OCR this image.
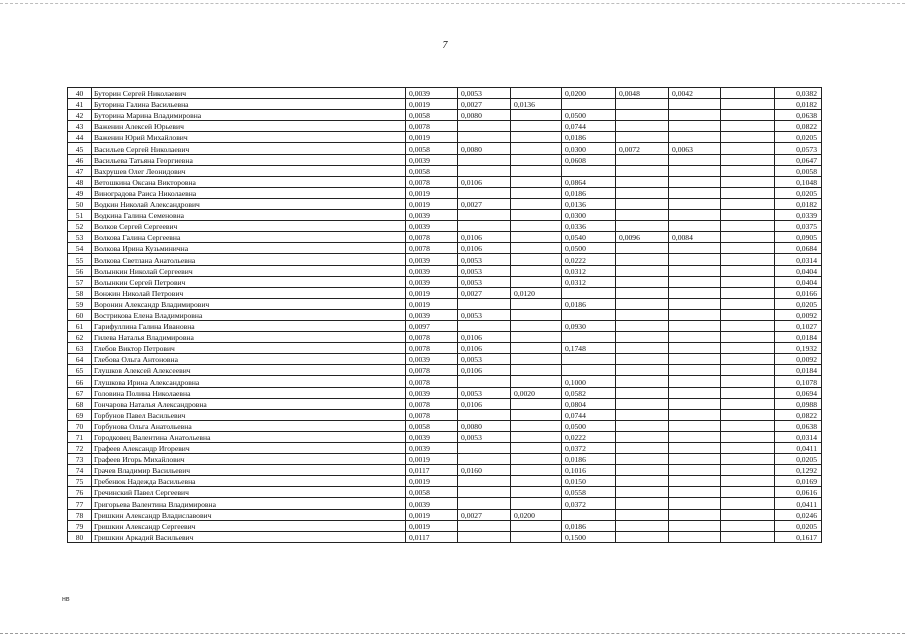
7
40	Буторин Сергей Николаевич	0,0039	0,0053		0,0200	0,0048	0,0042		0,0382
41	Буторина Галина Васильевна	0,0019	0,0027	0,0136					0,0182
42	Буторина Марина Владимировна	0,0058	0,0080		0,0500				0,0638
43	Важенин Алексей Юрьевич	0,0078			0,0744				0,0822
44	Важенин Юрий Михайлович	0,0019			0,0186				0,0205
45	Васильев Сергей Николаевич	0,0058	0,0080		0,0300	0,0072	0,0063		0,0573
46	Васильева Татьяна Георгиевна	0,0039			0,0608				0,0647
47	Вахрушев Олег Леонидович	0,0058							0,0058
48	Ветошкина Оксана Викторовна	0,0078	0,0106		0,0864				0,1048
49	Виноградова Раиса Николаевна	0,0019			0,0186				0,0205
50	Водкин Николай Александрович	0,0019	0,0027		0,0136				0,0182
51	Водкина Галина Семеновна	0,0039			0,0300				0,0339
52	Волков Сергей Сергеевич	0,0039			0,0336				0,0375
53	Волкова Галина Сергеевна	0,0078	0,0106		0,0540	0,0096	0,0084		0,0905
54	Волкова Ирина Кузьминична	0,0078	0,0106		0,0500				0,0684
55	Волкова Светлана Анатольевна	0,0039	0,0053		0,0222				0,0314
56	Волынкин Николай Сергеевич	0,0039	0,0053		0,0312				0,0404
57	Волынкин Сергей Петрович	0,0039	0,0053		0,0312				0,0404
58	Вонжин Николай Петрович	0,0019	0,0027	0,0120					0,0166
59	Воронин Александр Владимирович	0,0019			0,0186				0,0205
60	Вострикова Елена Владимировна	0,0039	0,0053						0,0092
61	Гарифуллина Галина Ивановна	0,0097			0,0930				0,1027
62	Гилева Наталья Владимировна	0,0078	0,0106						0,0184
63	Глебов Виктор Петрович	0,0078	0,0106		0,1748				0,1932
64	Глебова Ольга Антоновна	0,0039	0,0053						0,0092
65	Глушков Алексей Алексеевич	0,0078	0,0106						0,0184
66	Глушкова Ирина Александровна	0,0078			0,1000				0,1078
67	Головина Полина Николаевна	0,0039	0,0053	0,0020	0,0582				0,0694
68	Гончарова Наталья Александровна	0,0078	0,0106		0,0804				0,0988
69	Горбунов Павел Васильевич	0,0078			0,0744				0,0822
70	Горбунова Ольга Анатольевна	0,0058	0,0080		0,0500				0,0638
71	Городковец Валентина Анатольевна	0,0039	0,0053		0,0222				0,0314
72	Графеев Александр Игоревич	0,0039			0,0372				0,0411
73	Графеев Игорь Михайлович	0,0019			0,0186				0,0205
74	Грачев Владимир Васильевич	0,0117	0,0160		0,1016				0,1292
75	Гребенюк Надежда Васильевна	0,0019			0,0150				0,0169
76	Гречинский Павел Сергеевич	0,0058			0,0558				0,0616
77	Григорьева Валентина Владимировна	0,0039			0,0372				0,0411
78	Гришкин Александр Владиславович	0,0019	0,0027	0,0200					0,0246
79	Гришкин Александр Сергеевич	0,0019			0,0186				0,0205
80	Гришкин Аркадий Васильевич	0,0117			0,1500				0,1617
нв
